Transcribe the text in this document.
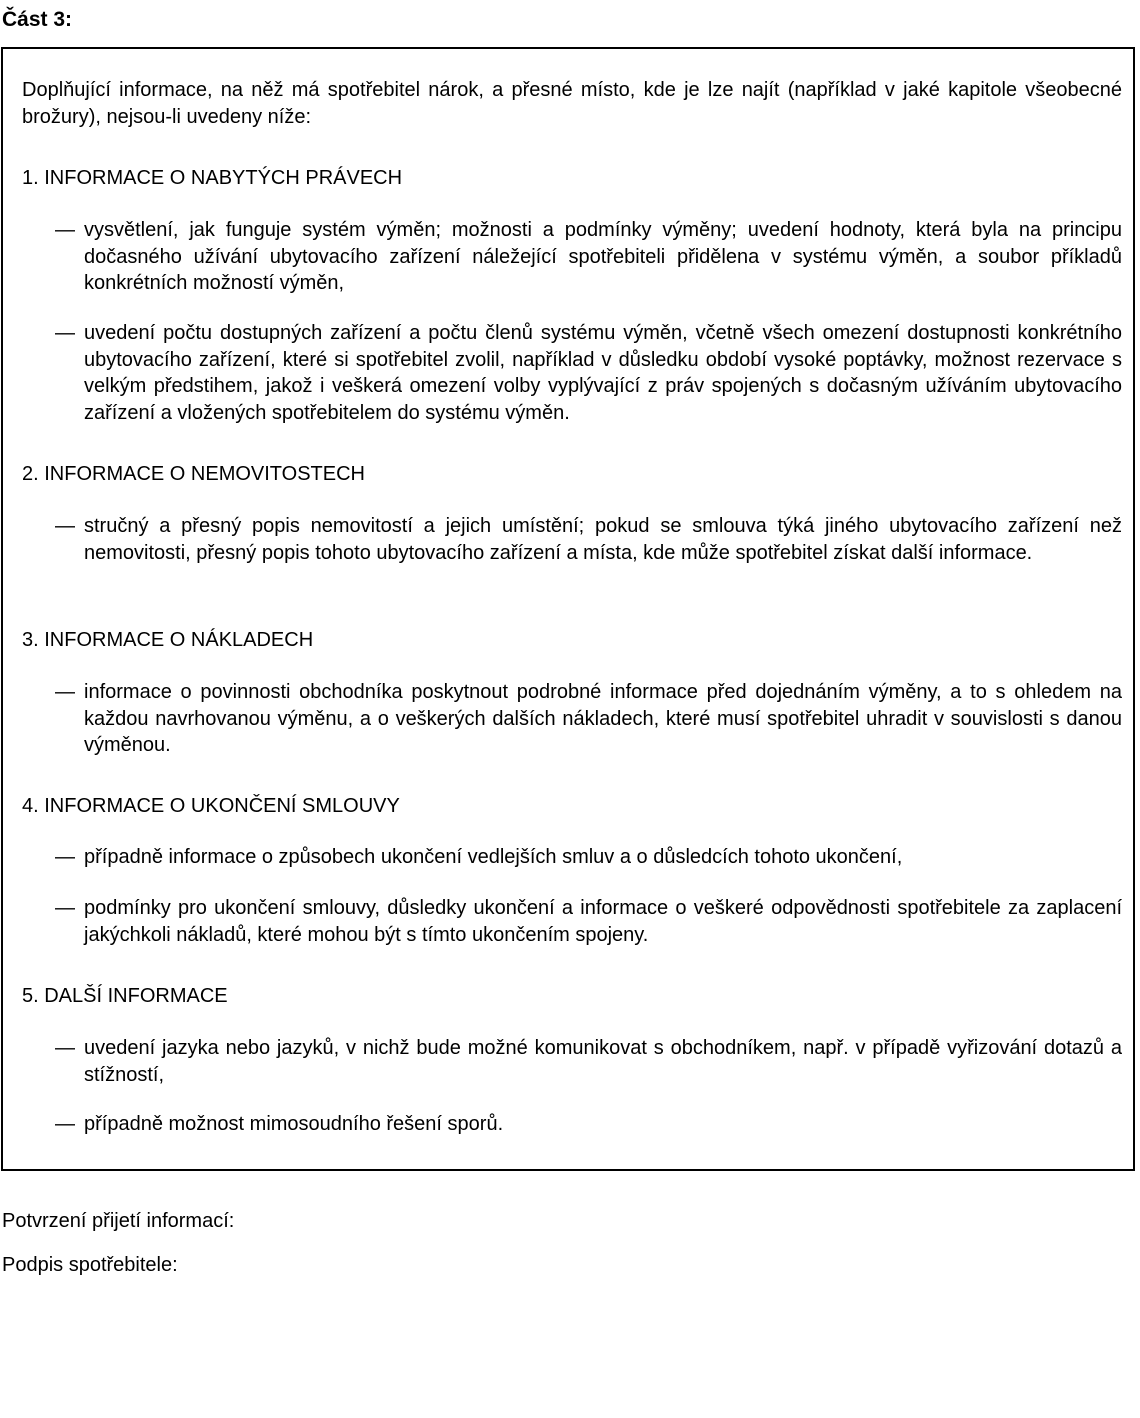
Část 3:
Doplňující informace, na něž má spotřebitel nárok, a přesné místo, kde je lze najít (například v jaké kapitole všeobecné brožury), nejsou-li uvedeny níže:
1. INFORMACE O NABYTÝCH PRÁVECH
— vysvětlení, jak funguje systém výměn; možnosti a podmínky výměny; uvedení hodnoty, která byla na principu dočasného užívání ubytovacího zařízení náležející spotřebiteli přidělena v systému výměn, a soubor příkladů konkrétních možností výměn,
— uvedení počtu dostupných zařízení a počtu členů systému výměn, včetně všech omezení dostupnosti konkrétního ubytovacího zařízení, které si spotřebitel zvolil, například v důsledku období vysoké poptávky, možnost rezervace s velkým předstihem, jakož i veškerá omezení volby vyplývající z práv spojených s dočasným užíváním ubytovacího zařízení a vložených spotřebitelem do systému výměn.
2. INFORMACE O NEMOVITOSTECH
— stručný a přesný popis nemovitostí a jejich umístění; pokud se smlouva týká jiného ubytovacího zařízení než nemovitosti, přesný popis tohoto ubytovacího zařízení a místa, kde může spotřebitel získat další informace.
3. INFORMACE O NÁKLADECH
— informace o povinnosti obchodníka poskytnout podrobné informace před dojednáním výměny, a to s ohledem na každou navrhovanou výměnu, a o veškerých dalších nákladech, které musí spotřebitel uhradit v souvislosti s danou výměnou.
4. INFORMACE O UKONČENÍ SMLOUVY
— případně informace o způsobech ukončení vedlejších smluv a o důsledcích tohoto ukončení,
— podmínky pro ukončení smlouvy, důsledky ukončení a informace o veškeré odpovědnosti spotřebitele za zaplacení jakýchkoli nákladů, které mohou být s tímto ukončením spojeny.
5. DALŠÍ INFORMACE
— uvedení jazyka nebo jazyků, v nichž bude možné komunikovat s obchodníkem, např. v případě vyřizování dotazů a stížností,
— případně možnost mimosoudního řešení sporů.
Potvrzení přijetí informací:
Podpis spotřebitele:
